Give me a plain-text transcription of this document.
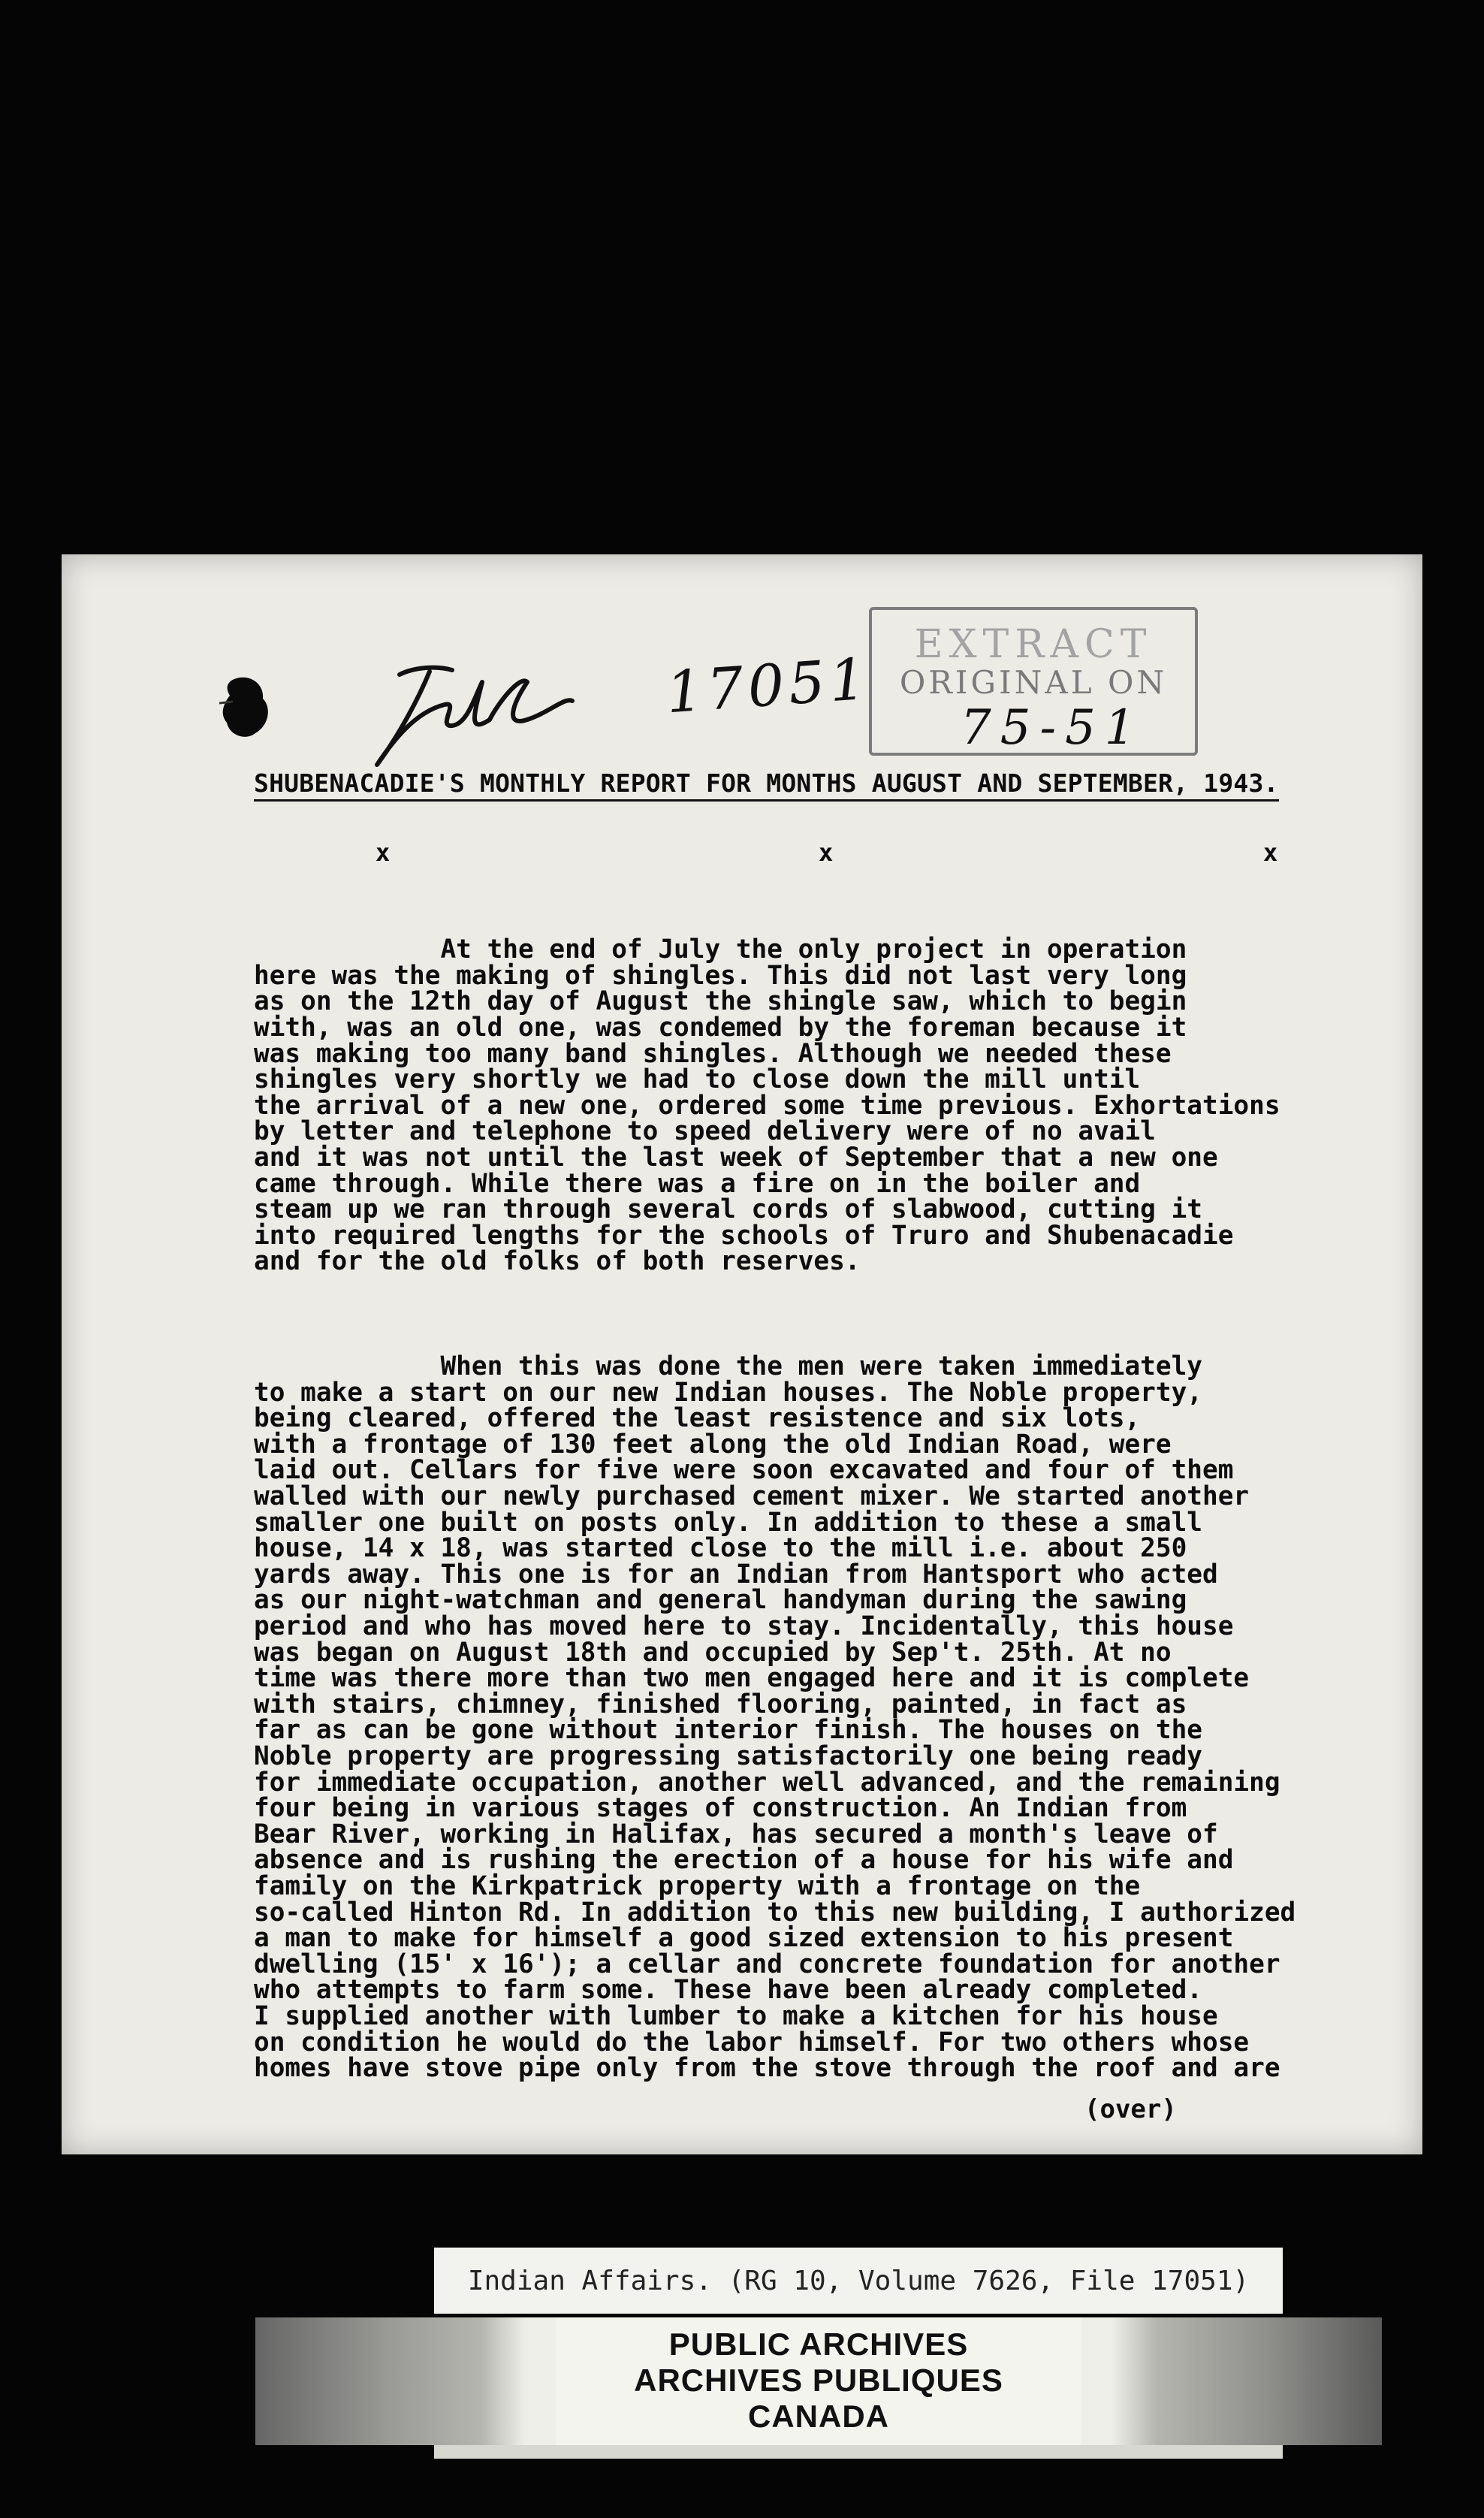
17051
EXTRACT
ORIGINAL ON
75-51
SHUBENACADIE'S MONTHLY REPORT FOR MONTHS AUGUST AND SEPTEMBER, 1943.
x	x	x

At the end of July the only project in operation
here was the making of shingles. This did not last very long
as on the 12th day of August the shingle saw, which to begin
with, was an old one, was condemed by the foreman because it
was making too many band shingles. Although we needed these
shingles very shortly we had to close down the mill until
the arrival of a new one, ordered some time previous. Exhortations
by letter and telephone to speed delivery were of no avail
and it was not until the last week of September that a new one
came through. While there was a fire on in the boiler and
steam up we ran through several cords of slabwood, cutting it
into required lengths for the schools of Truro and Shubenacadie
and for the old folks of both reserves.

When this was done the men were taken immediately
to make a start on our new Indian houses. The Noble property,
being cleared, offered the least resistence and six lots,
with a frontage of 130 feet along the old Indian Road, were
laid out. Cellars for five were soon excavated and four of them
walled with our newly purchased cement mixer. We started another
smaller one built on posts only. In addition to these a small
house, 14 x 18, was started close to the mill i.e. about 250
yards away. This one is for an Indian from Hantsport who acted
as our night-watchman and general handyman during the sawing
period and who has moved here to stay. Incidentally, this house
was began on August 18th and occupied by Sep't. 25th. At no
time was there more than two men engaged here and it is complete
with stairs, chimney, finished flooring, painted, in fact as
far as can be gone without interior finish. The houses on the
Noble property are progressing satisfactorily one being ready
for immediate occupation, another well advanced, and the remaining
four being in various stages of construction. An Indian from
Bear River, working in Halifax, has secured a month's leave of
absence and is rushing the erection of a house for his wife and
family on the Kirkpatrick property with a frontage on the
so-called Hinton Rd. In addition to this new building, I authorized
a man to make for himself a good sized extension to his present
dwelling (15' x 16'); a cellar and concrete foundation for another
who attempts to farm some. These have been already completed.
I supplied another with lumber to make a kitchen for his house
on condition he would do the labor himself. For two others whose
homes have stove pipe only from the stove through the roof and are

(over)
Indian Affairs. (RG 10, Volume 7626, File 17051)
PUBLIC ARCHIVES
ARCHIVES PUBLIQUES
CANADA
